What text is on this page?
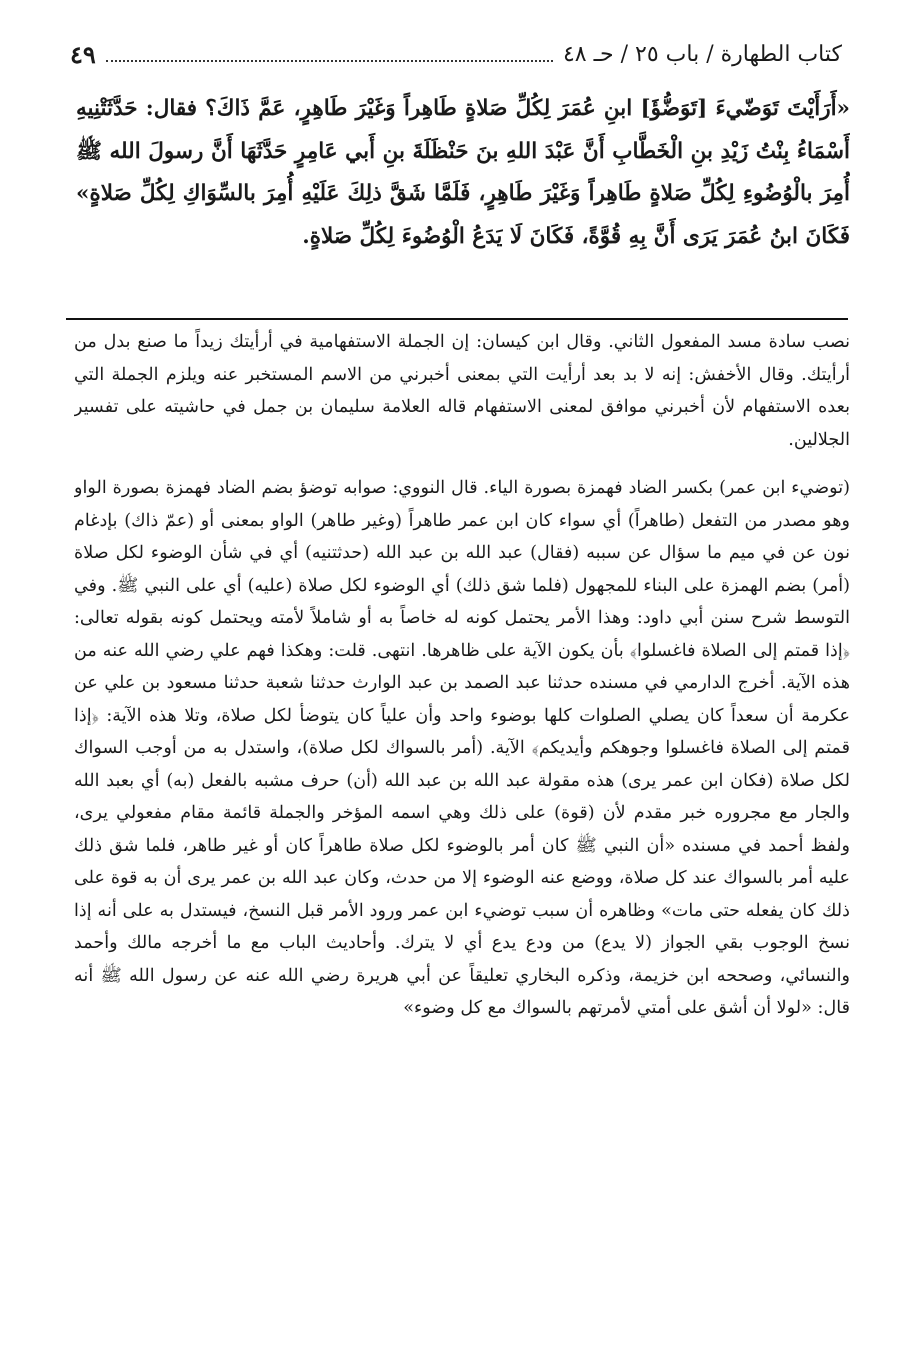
كتاب الطهارة / باب ٢٥ / حـ ٤٨
٤٩
«أَرَأَيْتَ تَوَضّيءَ [تَوَضُّؤَ] ابنِ عُمَرَ لِكُلِّ صَلاةٍ طَاهِراً وَغَيْرَ طَاهِرٍ، عَمَّ ذَاكَ؟ فقال: حَدَّثَتْنِيهِ أَسْمَاءُ بِنْتُ زَيْدِ بنِ الْخَطَّابِ أَنَّ عَبْدَ اللهِ بنَ حَنْظَلَةَ بنِ أَبي عَامِرٍ حَدَّثَهَا أَنَّ رسولَ الله ﷺ أُمِرَ بالْوُضُوءِ لِكُلِّ صَلاةٍ طَاهِراً وَغَيْرَ طَاهِرٍ، فَلَمَّا شَقَّ ذلِكَ عَلَيْهِ أُمِرَ بالسِّوَاكِ لِكُلِّ صَلاةٍ» فَكَانَ ابنُ عُمَرَ يَرَى أَنَّ بِهِ قُوَّةً، فَكَانَ لَا يَدَعُ الْوُضُوءَ لِكُلِّ صَلاةٍ.

نصب سادة مسد المفعول الثاني. وقال ابن كيسان: إن الجملة الاستفهامية في أرأيتك زيداً ما صنع بدل من أرأيتك. وقال الأخفش: إنه لا بد بعد أرأيت التي بمعنى أخبرني من الاسم المستخبر عنه ويلزم الجملة التي بعده الاستفهام لأن أخبرني موافق لمعنى الاستفهام قاله العلامة سليمان بن جمل في حاشيته على تفسير الجلالين.

(توضيء ابن عمر) بكسر الضاد فهمزة بصورة الياء. قال النووي: صوابه توضؤ بضم الضاد فهمزة بصورة الواو وهو مصدر من التفعل (طاهراً) أي سواء كان ابن عمر طاهراً (وغير طاهر) الواو بمعنى أو (عمّ ذاك) بإدغام نون عن في ميم ما سؤال عن سببه (فقال) عبد الله بن عبد الله (حدثتنيه) أي في شأن الوضوء لكل صلاة (أمر) بضم الهمزة على البناء للمجهول (فلما شق ذلك) أي الوضوء لكل صلاة (عليه) أي على النبي ﷺ. وفي التوسط شرح سنن أبي داود: وهذا الأمر يحتمل كونه له خاصاً به أو شاملاً لأمته ويحتمل كونه بقوله تعالى: ﴿إذا قمتم إلى الصلاة فاغسلوا﴾ بأن يكون الآية على ظاهرها. انتهى. قلت: وهكذا فهم علي رضي الله عنه من هذه الآية. أخرج الدارمي في مسنده حدثنا عبد الصمد بن عبد الوارث حدثنا شعبة حدثنا مسعود بن علي عن عكرمة أن سعداً كان يصلي الصلوات كلها بوضوء واحد وأن علياً كان يتوضأ لكل صلاة، وتلا هذه الآية: ﴿إذا قمتم إلى الصلاة فاغسلوا وجوهكم وأيديكم﴾ الآية. (أمر بالسواك لكل صلاة)، واستدل به من أوجب السواك لكل صلاة (فكان ابن عمر يرى) هذه مقولة عبد الله بن عبد الله (أن) حرف مشبه بالفعل (به) أي بعبد الله والجار مع مجروره خبر مقدم لأن (قوة) على ذلك وهي اسمه المؤخر والجملة قائمة مقام مفعولي يرى، ولفظ أحمد في مسنده «أن النبي ﷺ كان أمر بالوضوء لكل صلاة طاهراً كان أو غير طاهر، فلما شق ذلك عليه أمر بالسواك عند كل صلاة، ووضع عنه الوضوء إلا من حدث، وكان عبد الله بن عمر يرى أن به قوة على ذلك كان يفعله حتى مات» وظاهره أن سبب توضيء ابن عمر ورود الأمر قبل النسخ، فيستدل به على أنه إذا نسخ الوجوب بقي الجواز (لا يدع) من ودع يدع أي لا يترك. وأحاديث الباب مع ما أخرجه مالك وأحمد والنسائي، وصححه ابن خزيمة، وذكره البخاري تعليقاً عن أبي هريرة رضي الله عنه عن رسول الله ﷺ أنه قال: «لولا أن أشق على أمتي لأمرتهم بالسواك مع كل وضوء»
